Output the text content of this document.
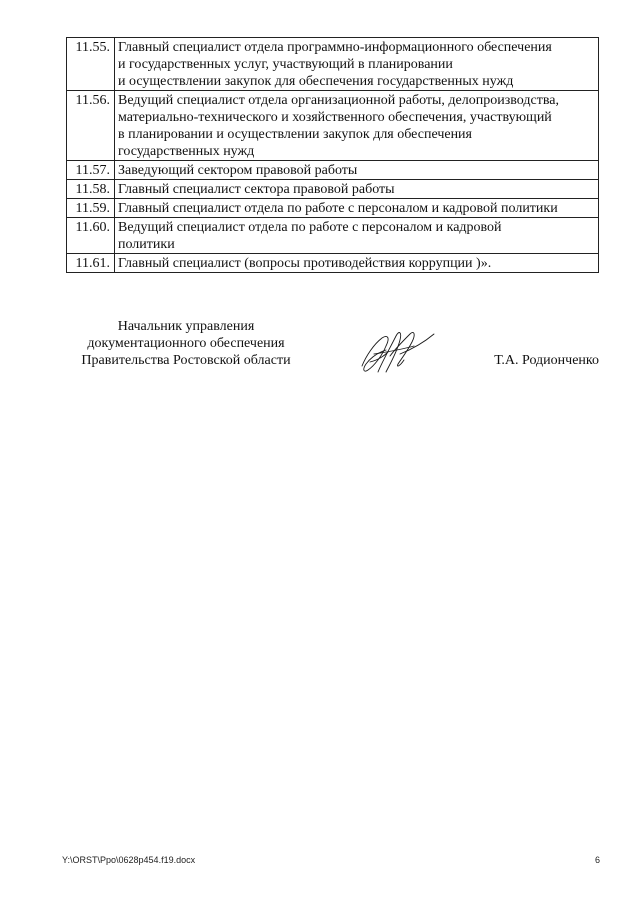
11.55.	Главный специалист отдела программно-информационного обеспечения
и государственных услуг, участвующий в планировании
и осуществлении закупок для обеспечения государственных нужд
11.56.	Ведущий специалист отдела организационной работы, делопроизводства,
материально-технического и хозяйственного обеспечения, участвующий
в планировании и осуществлении закупок для обеспечения
государственных нужд
11.57.	Заведующий сектором правовой работы
11.58.	Главный специалист сектора правовой работы
11.59.	Главный специалист отдела по работе с персоналом и кадровой политики
11.60.	Ведущий специалист отдела по работе с персоналом и кадровой
политики
11.61.	Главный специалист (вопросы противодействия коррупции )».
Начальник управления
документационного обеспечения
Правительства Ростовской области	Т.А. Родионченко
Y:\ORST\Ppo\0628p454.f19.docx	6
